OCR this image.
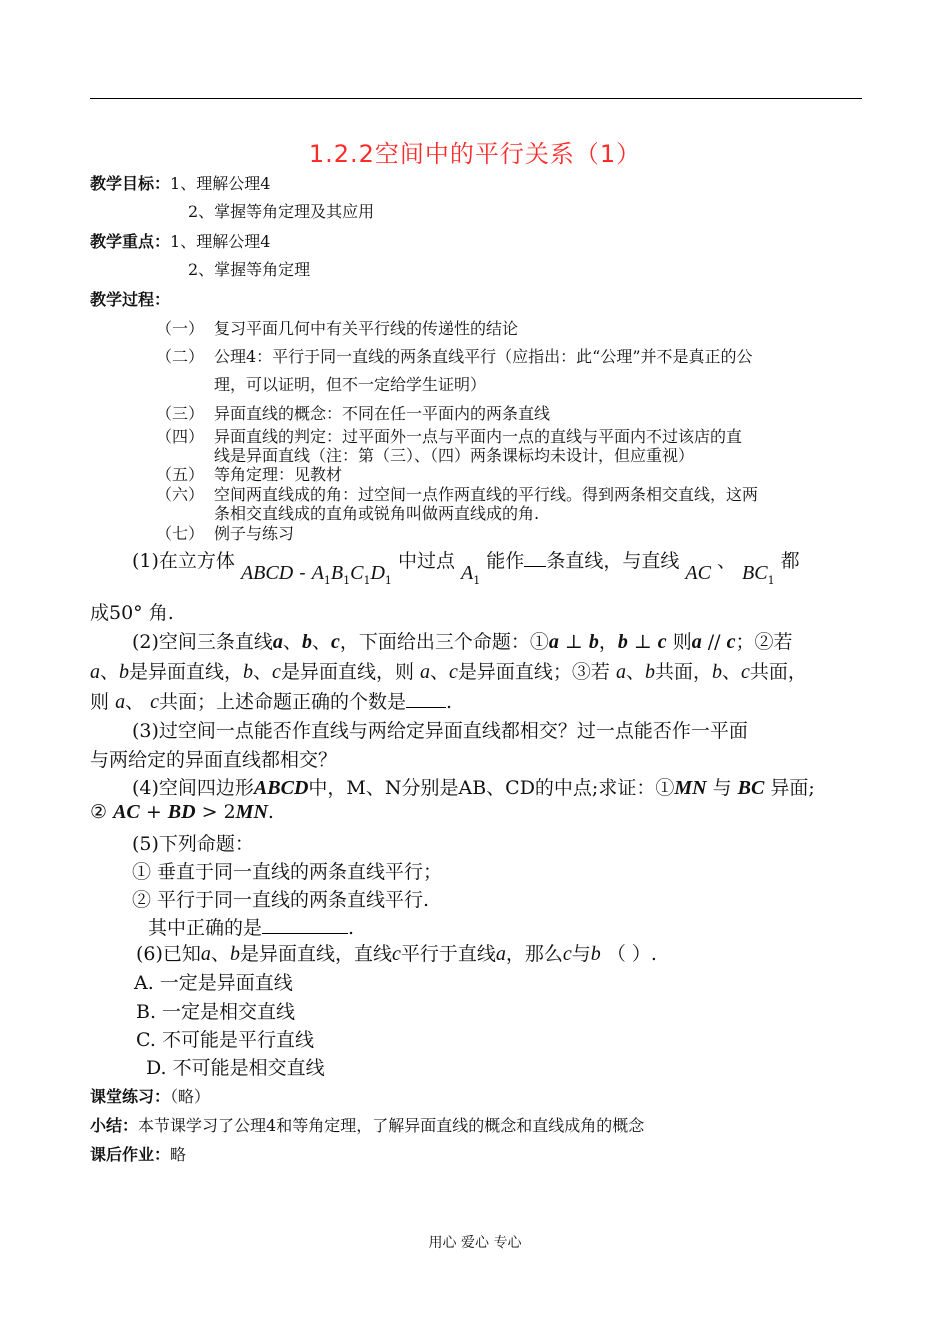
1.2.2空间中的平行关系（1）
教学目标：1、理解公理4
2、掌握等角定理及其应用
教学重点：1、理解公理4
2、掌握等角定理
教学过程：
（一） 复习平面几何中有关平行线的传递性的结论
（二） 公理4：平行于同一直线的两条直线平行（应指出：此“公理”并不是真正的公
理，可以证明，但不一定给学生证明）
（三） 异面直线的概念：不同在任一平面内的两条直线
（四） 异面直线的判定：过平面外一点与平面内一点的直线与平面内不过该店的直
线是异面直线（注：第（三）、（四）两条课标均未设计，但应重视）
（五） 等角定理：见教材
（六） 空间两直线成的角：过空间一点作两直线的平行线。得到两条相交直线，这两
条相交直线成的直角或锐角叫做两直线成的角.
（七） 例子与练习
(1)在立方体 ABCD - $A_1B_1C_1D_1$ 中过点 $A_1$ 能作 条直线，与直线 AC 、 $BC_1$ 都
成50° 角.
(2)空间三条直线a、b、c，下面给出三个命题：①a ⊥ b，b ⊥ c 则a // c；②若
a、b是异面直线，b、c是异面直线，则 a、c是异面直线；③若 a、b共面，b、c共面，
则 a、 c共面；上述命题正确的个数是 .
(3)过空间一点能否作直线与两给定异面直线都相交？过一点能否作一平面
与两给定的异面直线都相交？
(4)空间四边形ABCD中，M、N分别是AB、CD的中点;求证：①MN 与 BC 异面;
② AC + BD > 2MN.
(5)下列命题：
① 垂直于同一直线的两条直线平行；
② 平行于同一直线的两条直线平行.
其中正确的是	.
(6)已知a、b是异面直线，直线c平行于直线a，那么c与b （ ）.
A. 一定是异面直线
B. 一定是相交直线
C. 不可能是平行直线
D. 不可能是相交直线
课堂练习：（略）
小结：本节课学习了公理4和等角定理，了解异面直线的概念和直线成角的概念
课后作业：略
用心 爱心 专心
